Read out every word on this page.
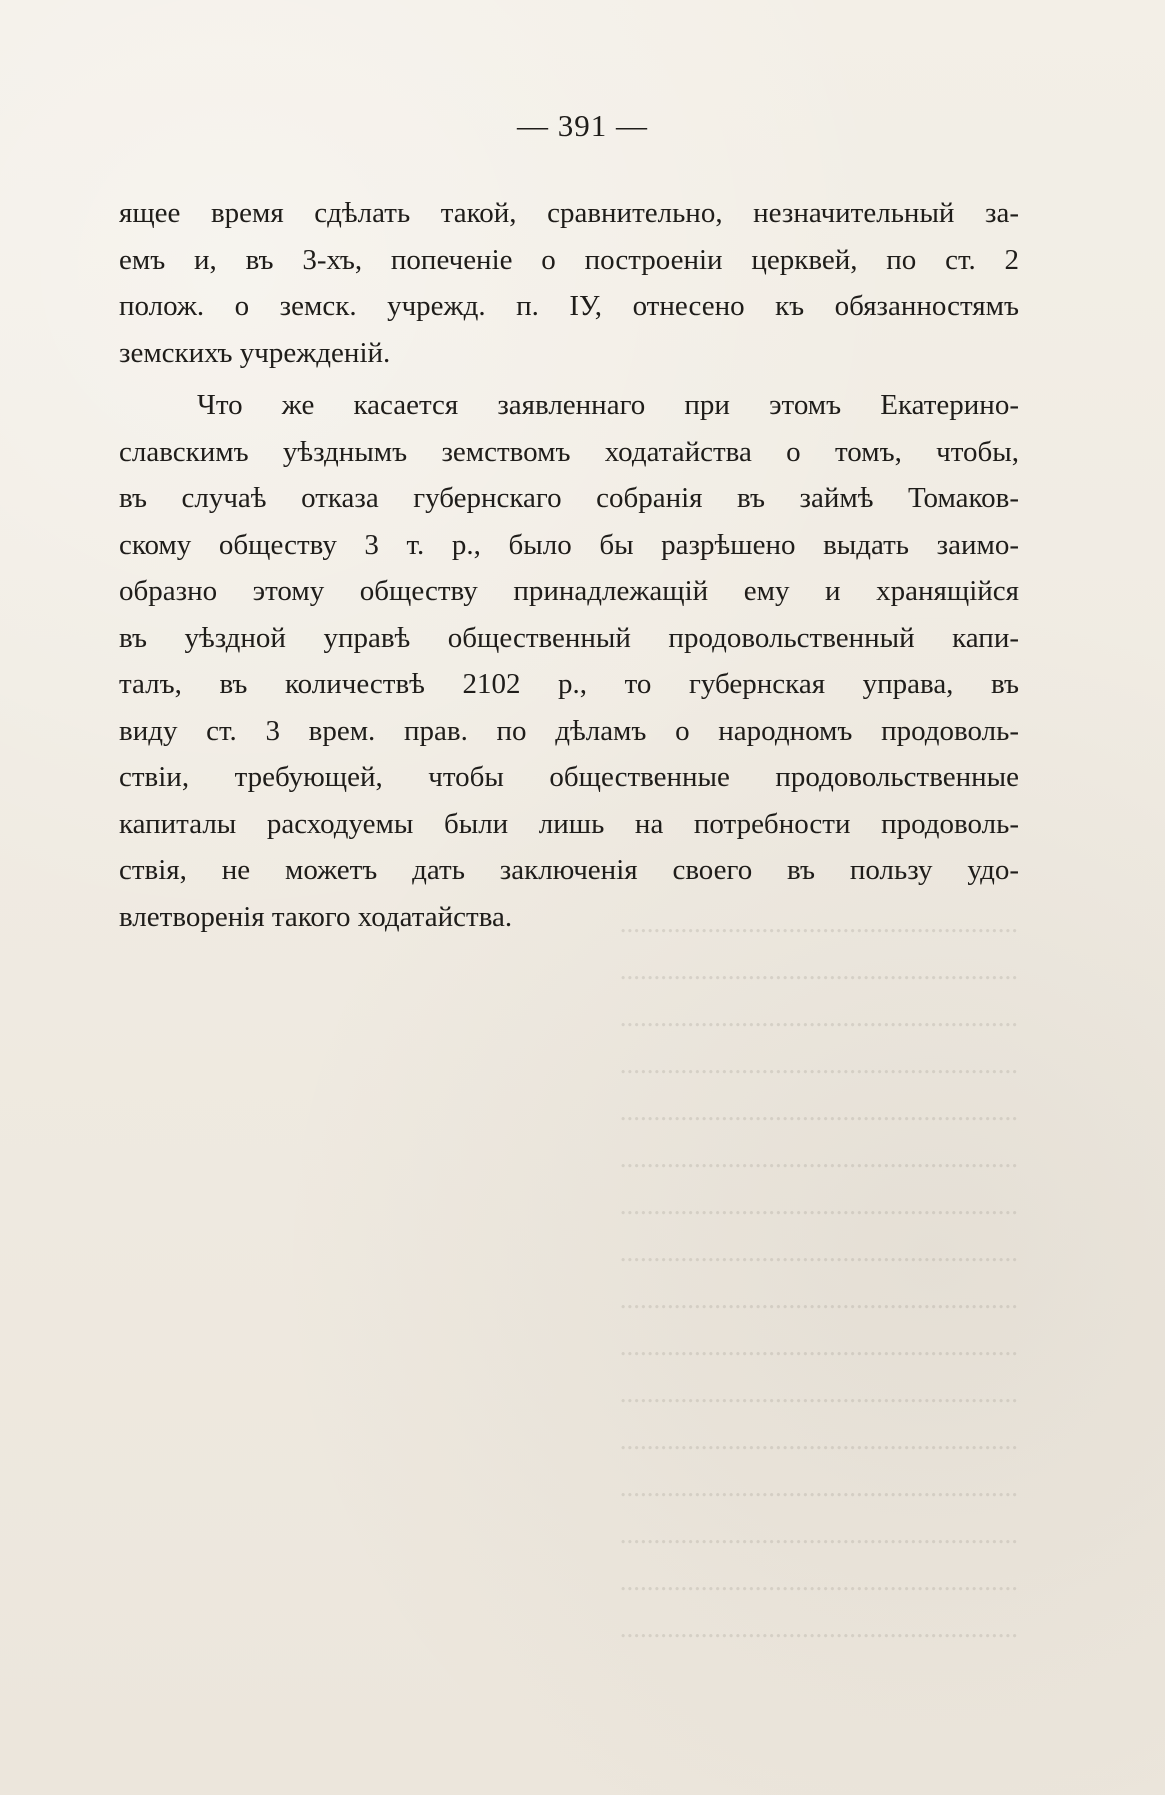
— 391 —
ящее время сдѣлать такой, сравнительно, незначительный за-
емъ и, въ 3-хъ, попеченіе о построеніи церквей, по ст. 2
полож. о земск. учрежд. п. IУ, отнесено къ обязанностямъ
земскихъ учрежденій.
Что же касается заявленнаго при этомъ Екатерино-
славскимъ уѣзднымъ земствомъ ходатайства о томъ, чтобы,
въ случаѣ отказа губернскаго собранія въ займѣ Томаков-
скому обществу 3 т. р., было бы разрѣшено выдать заимо-
образно этому обществу принадлежащій ему и хранящійся
въ уѣздной управѣ общественный продовольственный капи-
талъ, въ количествѣ 2102 р., то губернская управа, въ
виду ст. 3 врем. прав. по дѣламъ о народномъ продоволь-
ствіи, требующей, чтобы общественные продовольственные
капиталы расходуемы были лишь на потребности продоволь-
ствія, не можетъ дать заключенія своего въ пользу удо-
влетворенія такого ходатайства.	...........................................................
...........................................................
...........................................................
...........................................................
...........................................................
...........................................................
...........................................................
...........................................................
...........................................................
...........................................................
...........................................................
...........................................................
...........................................................
...........................................................
...........................................................
...........................................................
